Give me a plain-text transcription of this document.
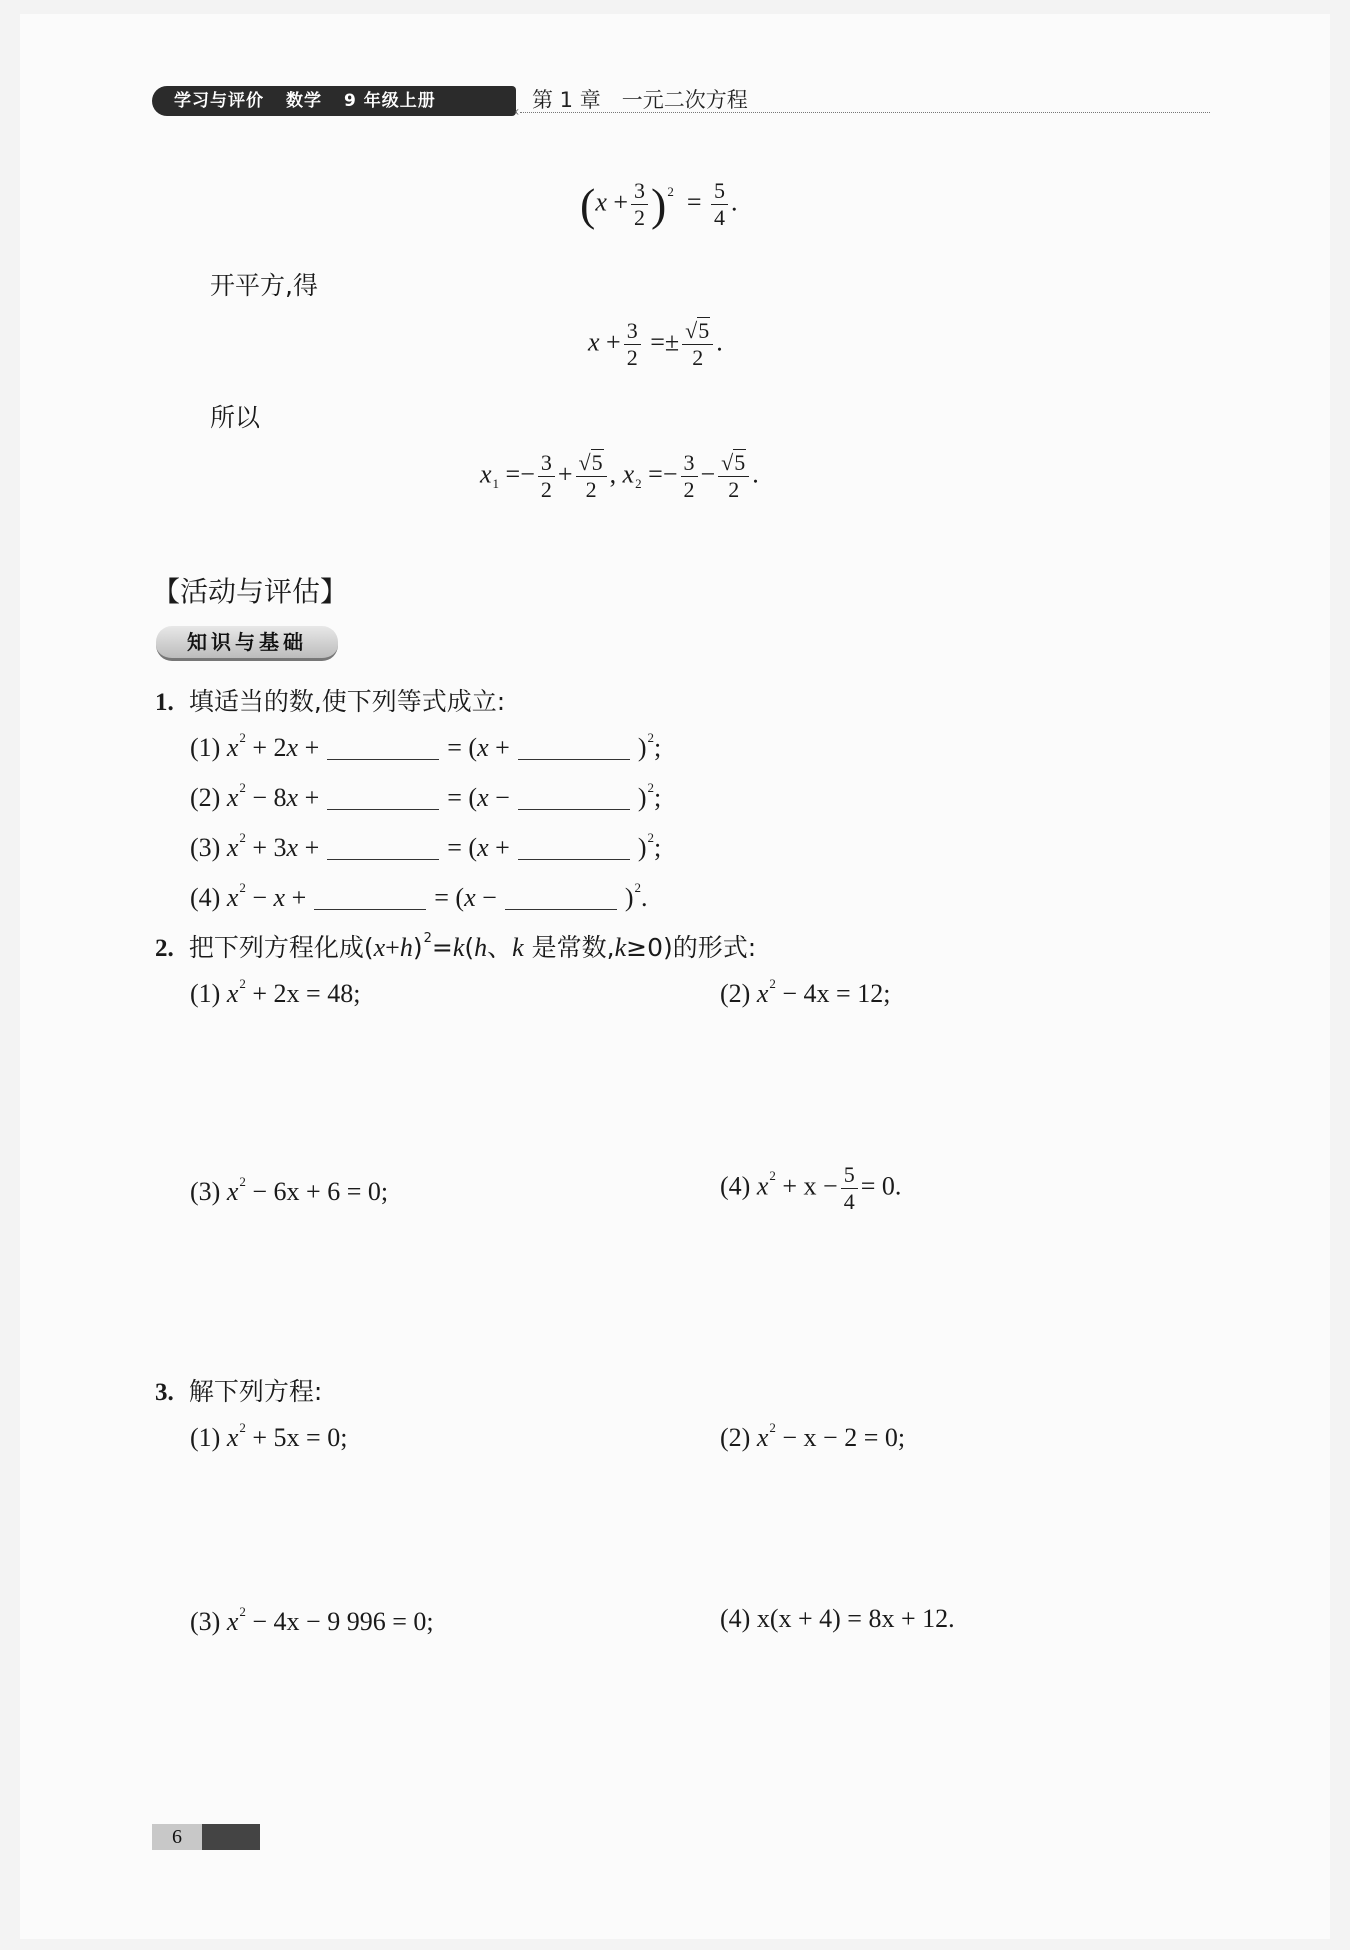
学习与评价 数学 9 年级上册
‹ 第 1 章　一元二次方程
$(x + \frac{3}{2} )^2 = \frac{5}{4}$ .
开平方,得
$x + \frac{3}{2} =\pm \frac{√5}{2}$ .
所以
$x_1 =- \frac{3}{2} + \frac{√5}{2}$ , $x_2 =- \frac{3}{2} - \frac{√5}{2}$ .
【活动与评估】
知识与基础
1. 填适当的数,使下列等式成立:
(1) $x^2 + 2x$ +	= (x +	)$^2$;
(2) $x^2 - 8x$ +	= (x −	)$^2$;
(3) $x^2 + 3x$ +	= (x +	)$^2$;
(4) $x^2 - x$ +	= (x −	)$^2$.
2. 把下列方程化成$(x+h)^2=k(h$、k 是常数,k≥0)的形式:
(1) $x^2 + 2x = 48$;	(2) $x^2 - 4x = 12$;
(3) $x^2 - 6x + 6 = 0$;	(4) $x^2 + x - \frac{5}{4} = 0$.
3. 解下列方程:
(1) $x^2 + 5x = 0$;	(2) $x^2 - x - 2 = 0$;
(3) $x^2 - 4x - 9$ 996 = 0;	(4) x(x + 4) = 8x + 12.
6
